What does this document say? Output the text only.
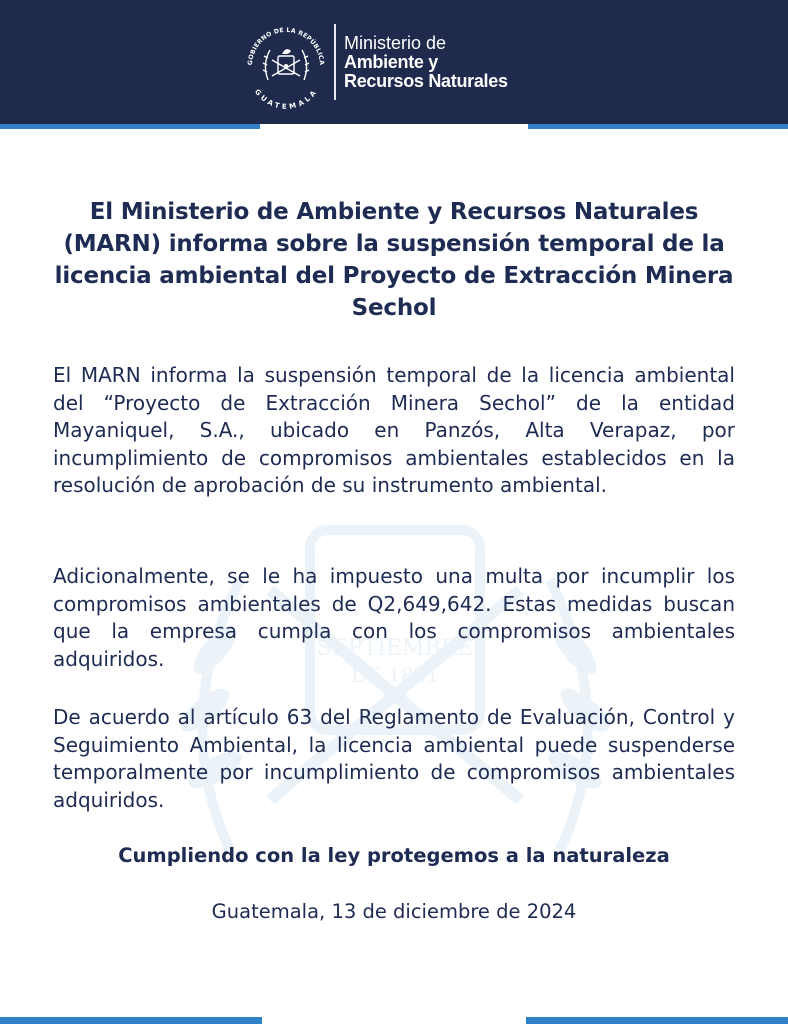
GOBIERNO DE LA REPÚBLICA
GUATEMALA
Ministerio de
Ambiente y
Recursos Naturales
SEPTIEMBRE
DE 1821
El Ministerio de Ambiente y Recursos Naturales (MARN) informa sobre la suspensión temporal de la licencia ambiental del Proyecto de Extracción Minera Sechol
El MARN informa la suspensión temporal de la licencia ambiental del “Proyecto de Extracción Minera Sechol” de la entidad Mayaniquel, S.A., ubicado en Panzós, Alta Verapaz, por incumplimiento de compromisos ambientales establecidos en la resolución de aprobación de su instrumento ambiental.
Adicionalmente, se le ha impuesto una multa por incumplir los compromisos ambientales de Q2,649,642. Estas medidas buscan que la empresa cumpla con los compromisos ambientales adquiridos.
De acuerdo al artículo 63 del Reglamento de Evaluación, Control y Seguimiento Ambiental, la licencia ambiental puede suspenderse temporalmente por incumplimiento de compromisos ambientales adquiridos.
Cumpliendo con la ley protegemos a la naturaleza
Guatemala, 13 de diciembre de 2024
